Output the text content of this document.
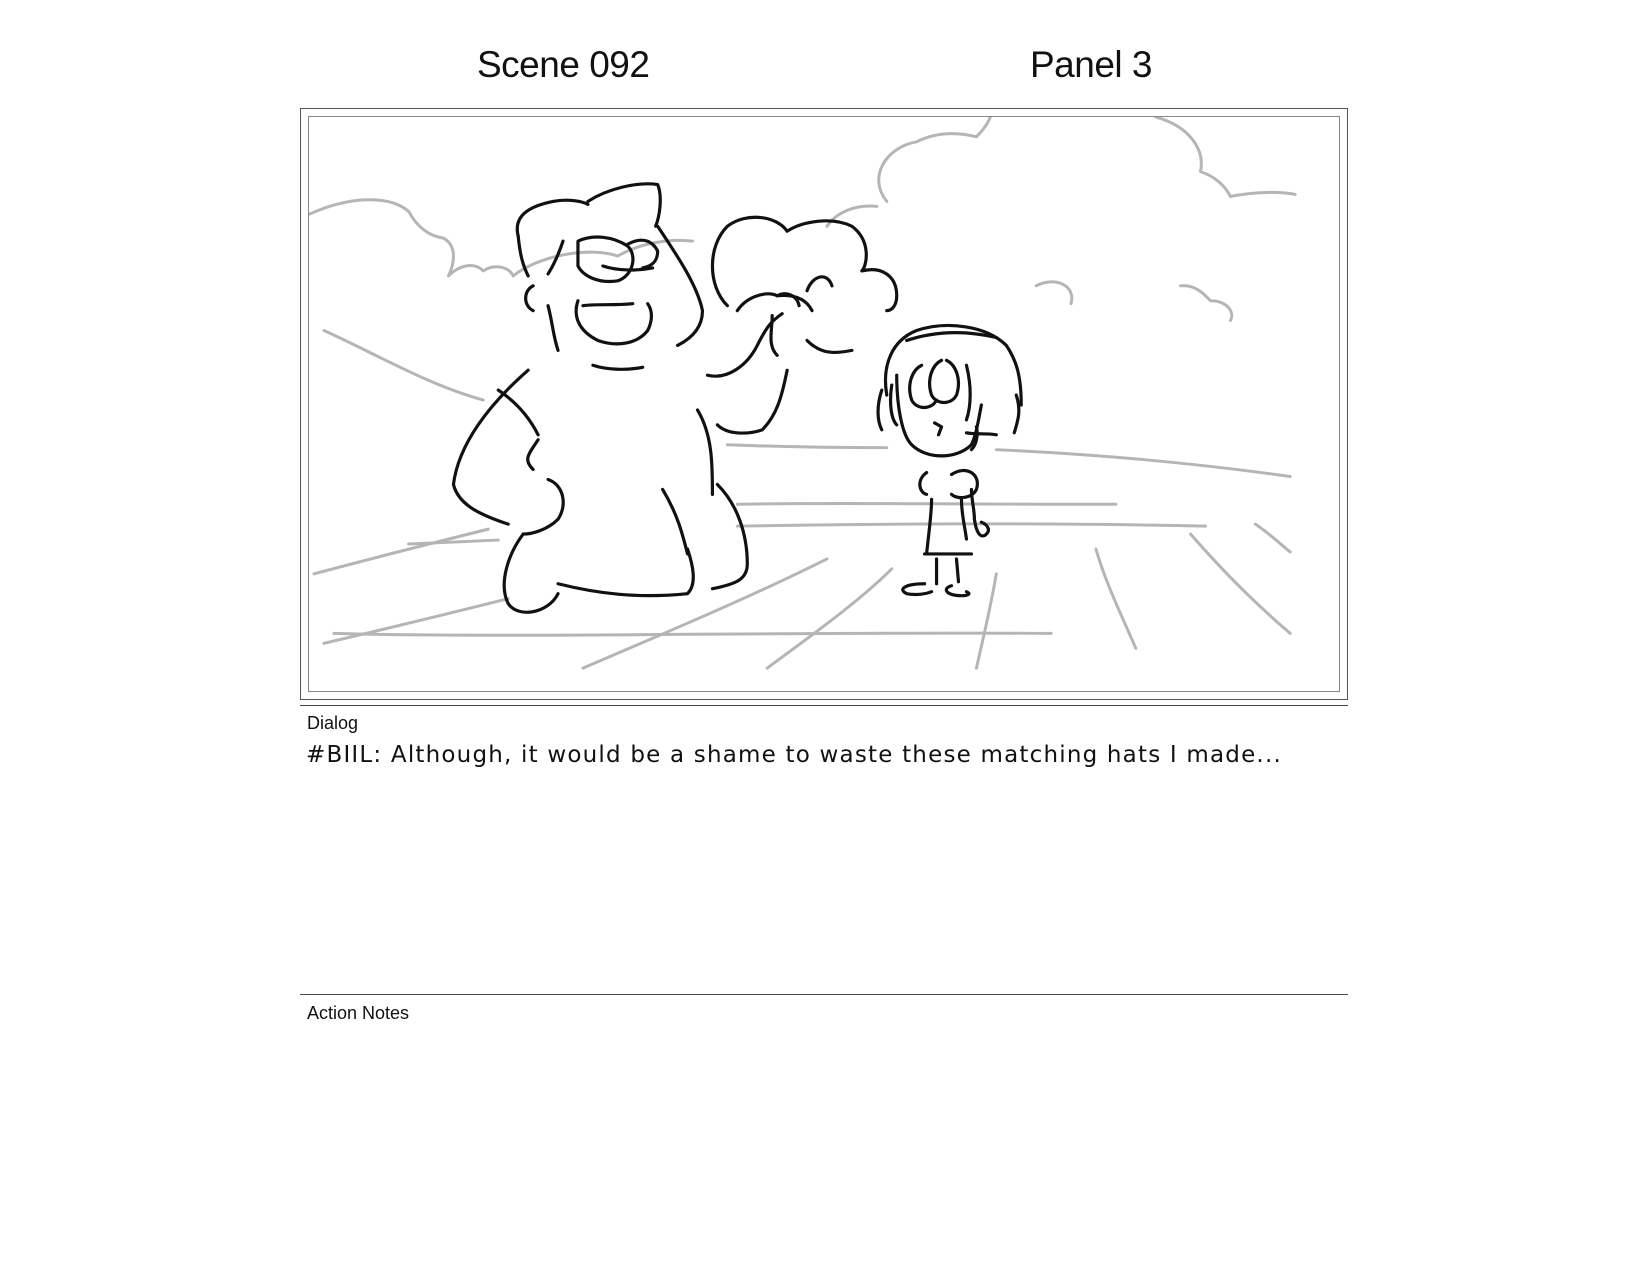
Scene 092	Panel 3
Dialog
#BIIL: Although, it would be a shame to waste these matching hats I made...
Action Notes
